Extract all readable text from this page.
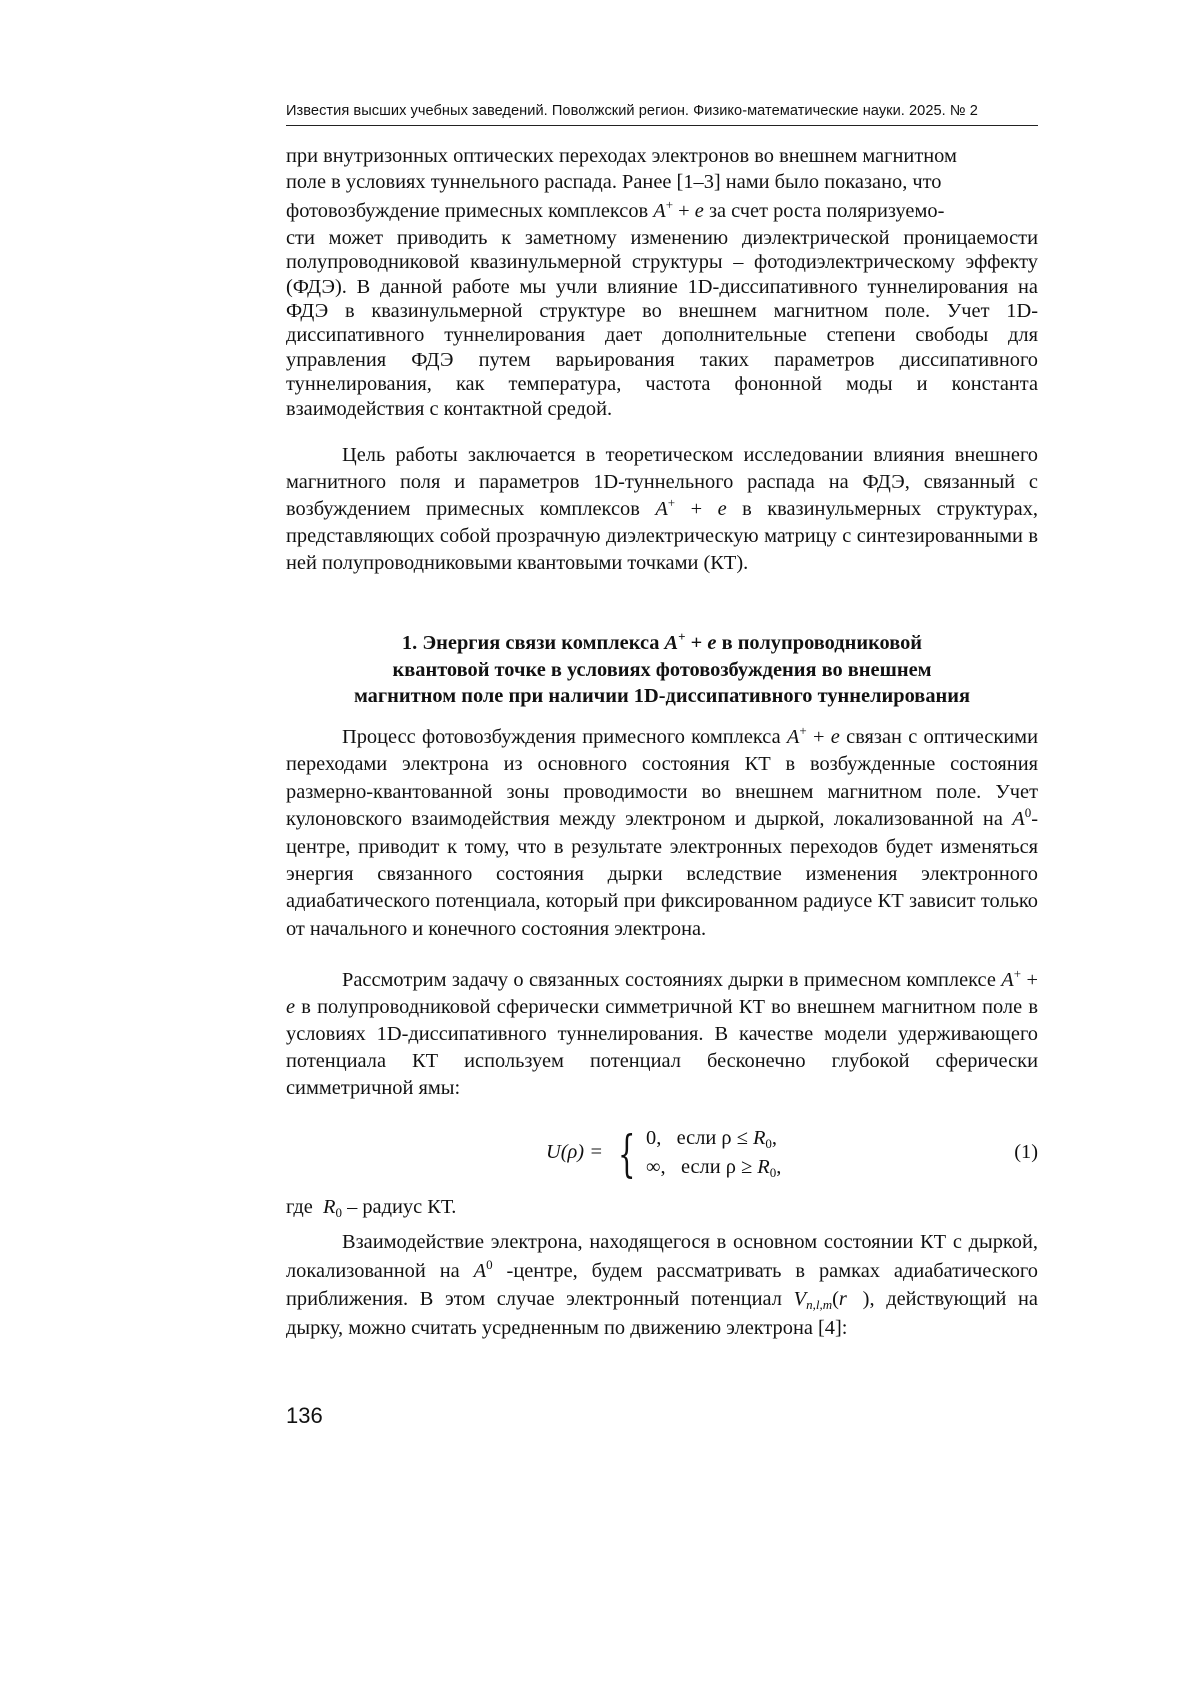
Известия высших учебных заведений. Поволжский регион. Физико-математические науки. 2025. № 2

при внутризонных оптических переходах электронов во внешнем магнитном

поле в условиях туннельного распада. Ранее [1–3] нами было показано, что

фотовозбуждение примесных комплексов A+ + e за счет роста поляризуемо-

сти может приводить к заметному изменению диэлектрической проницаемости полупроводниковой квазинульмерной структуры – фотодиэлектрическому эффекту (ФДЭ). В данной работе мы учли влияние 1D-диссипативного туннелирования на ФДЭ в квазинульмерной структуре во внешнем магнитном поле. Учет 1D-диссипативного туннелирования дает дополнительные степени свободы для управления ФДЭ путем варьирования таких параметров диссипативного туннелирования, как температура, частота фононной моды и константа взаимодействия с контактной средой.

Цель работы заключается в теоретическом исследовании влияния внешнего магнитного поля и параметров 1D-туннельного распада на ФДЭ, связанный с возбуждением примесных комплексов A+ + e в квазинульмерных структурах, представляющих собой прозрачную диэлектрическую матрицу с синтезированными в ней полупроводниковыми квантовыми точками (КТ).

1. Энергия связи комплекса A+ + e в полупроводниковой
квантовой точке в условиях фотовозбуждения во внешнем
магнитном поле при наличии 1D-диссипативного туннелирования

Процесс фотовозбуждения примесного комплекса A+ + e связан с оптическими переходами электрона из основного состояния КТ в возбужденные состояния размерно-квантованной зоны проводимости во внешнем магнитном поле. Учет кулоновского взаимодействия между электроном и дыркой, локализованной на $A^0$-центре, приводит к тому, что в результате электронных переходов будет изменяться энергия связанного состояния дырки вследствие изменения электронного адиабатического потенциала, который при фиксированном радиусе КТ зависит только от начального и конечного состояния электрона.

Рассмотрим задачу о связанных состояниях дырки в примесном комплексе A+ + e в полупроводниковой сферически симметричной КТ во внешнем магнитном поле в условиях 1D-диссипативного туннелирования. В качестве модели удерживающего потенциала КТ используем потенциал бесконечно глубокой сферически симметричной ямы:

U(ρ) = { 0, если $\rho \le R_0$,
∞, если $\rho \ge R_0$,
(1)

где $R_0$ – радиус КТ.

Взаимодействие электрона, находящегося в основном состоянии КТ с дыркой, локализованной на $A^0$ -центре, будем рассматривать в рамках адиабатического приближения. В этом случае электронный потенциал Vn,l,m(r⃗), действующий на дырку, можно считать усредненным по движению электрона [4]:

136
